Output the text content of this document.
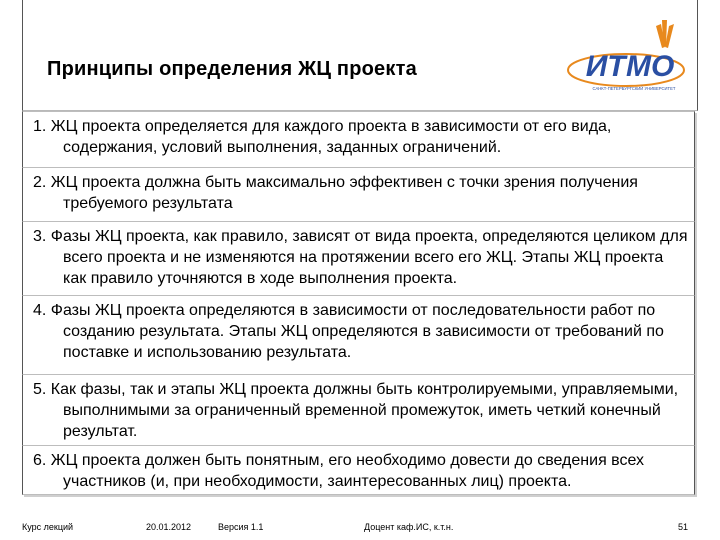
Принципы определения ЖЦ проекта	ИТМО
САНКТ-ПЕТЕРБУРГСКИЙ УНИВЕРСИТЕТ

1. ЖЦ проекта определяется для каждого проекта в зависимости от его вида, содержания, условий выполнения, заданных ограничений.

2. ЖЦ проекта должна быть максимально эффективен с точки зрения получения требуемого результата

3. Фазы ЖЦ проекта, как правило, зависят от вида проекта, определяются целиком для всего проекта и не изменяются на протяжении всего его ЖЦ. Этапы ЖЦ проекта как правило уточняются в ходе выполнения проекта.

4. Фазы ЖЦ проекта определяются в зависимости от последовательности работ по созданию результата. Этапы ЖЦ определяются в зависимости от требований по поставке и использованию результата.

5. Как фазы, так и этапы ЖЦ проекта должны быть контролируемыми, управляемыми, выполнимыми за ограниченный временной промежуток, иметь четкий конечный результат.

6. ЖЦ проекта должен быть понятным, его необходимо довести до сведения всех участников (и, при необходимости, заинтересованных лиц) проекта.

Курс лекций	20.01.2012	Версия 1.1	Доцент каф.ИС, к.т.н.	51
